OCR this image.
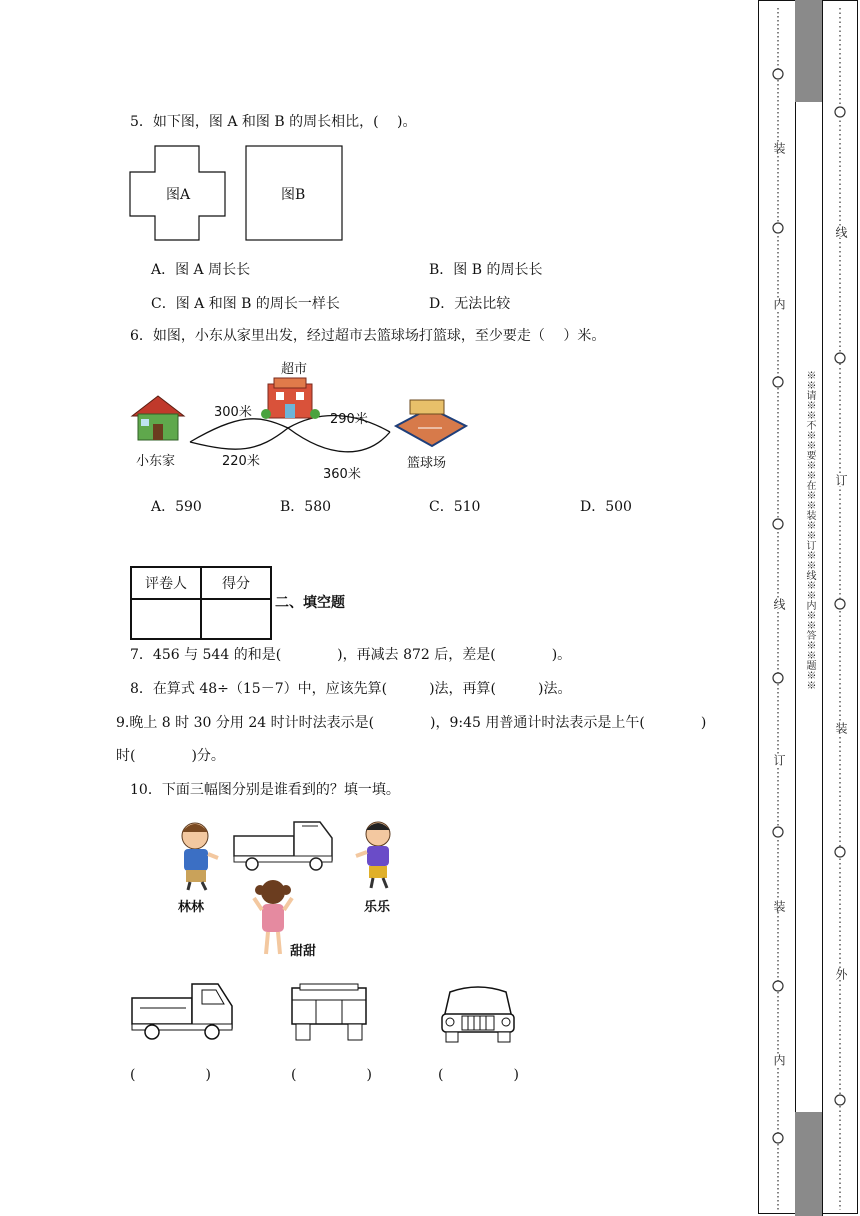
5．如下图，图 A 和图 B 的周长相比，(　 )。
图A	图B
A．图 A 周长长	B．图 B 的周长长
C．图 A 和图 B 的周长一样长	D．无法比较
6．如图，小东从家里出发，经过超市去篮球场打篮球，至少要走（　 ）米。
超市
300米	290米
小东家	220米	篮球场
360米
A．590	B．580	C．510	D．500
评卷人	得分

二、填空题
7．456 与 544 的和是(　　　　)，再减去 872 后，差是(　　　　)。
8．在算式 48÷（15－7）中，应该先算(　　　)法，再算(　　　)法。
9.晚上 8 时 30 分用 24 时计时法表示是(　　　　)，9:45 用普通计时法表示是上午(　　　　)
时(　　　　)分。
10．下面三幅图分别是谁看到的？填一填。
林林	乐乐
甜甜
(　　　　　)	(　　　　　)	(　　　　　)
装
内
线
订
装
内
※※请※※不※※要※※在※※装※※订※※线※※内※※答※※题※※
线
订
装
外
